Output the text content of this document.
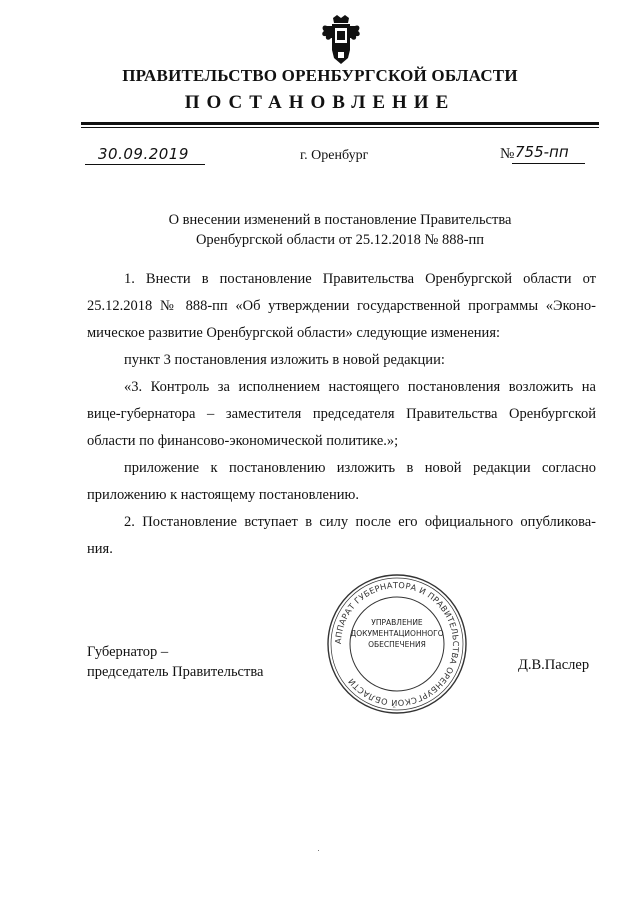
ПРАВИТЕЛЬСТВО ОРЕНБУРГСКОЙ ОБЛАСТИ
ПОСТАНОВЛЕНИЕ
30.09.2019	г. Оренбург	№ 755-пп
О внесении изменений в постановление Правительства
Оренбургской области от 25.12.2018 № 888-пп
1. Внести в постановление Правительства Оренбургской области от
25.12.2018 № 888-пп «Об утверждении государственной программы «Эконо-
мическое развитие Оренбургской области» следующие изменения:
пункт 3 постановления изложить в новой редакции:
«3. Контроль за исполнением настоящего постановления возложить на
вице-губернатора – заместителя председателя Правительства Оренбургской
области по финансово-экономической политике.»;
приложение к постановлению изложить в новой редакции согласно
приложению к настоящему постановлению.
2. Постановление вступает в силу после его официального опубликова-
ния.
Губернатор –
председатель Правительства	Д.В.Паслер
АППАРАТ ГУБЕРНАТОРА И ПРАВИТЕЛЬСТВА ОРЕНБУРГСКОЙ ОБЛАСТИ
УПРАВЛЕНИЕ
ДОКУМЕНТАЦИОННОГО
ОБЕСПЕЧЕНИЯ
